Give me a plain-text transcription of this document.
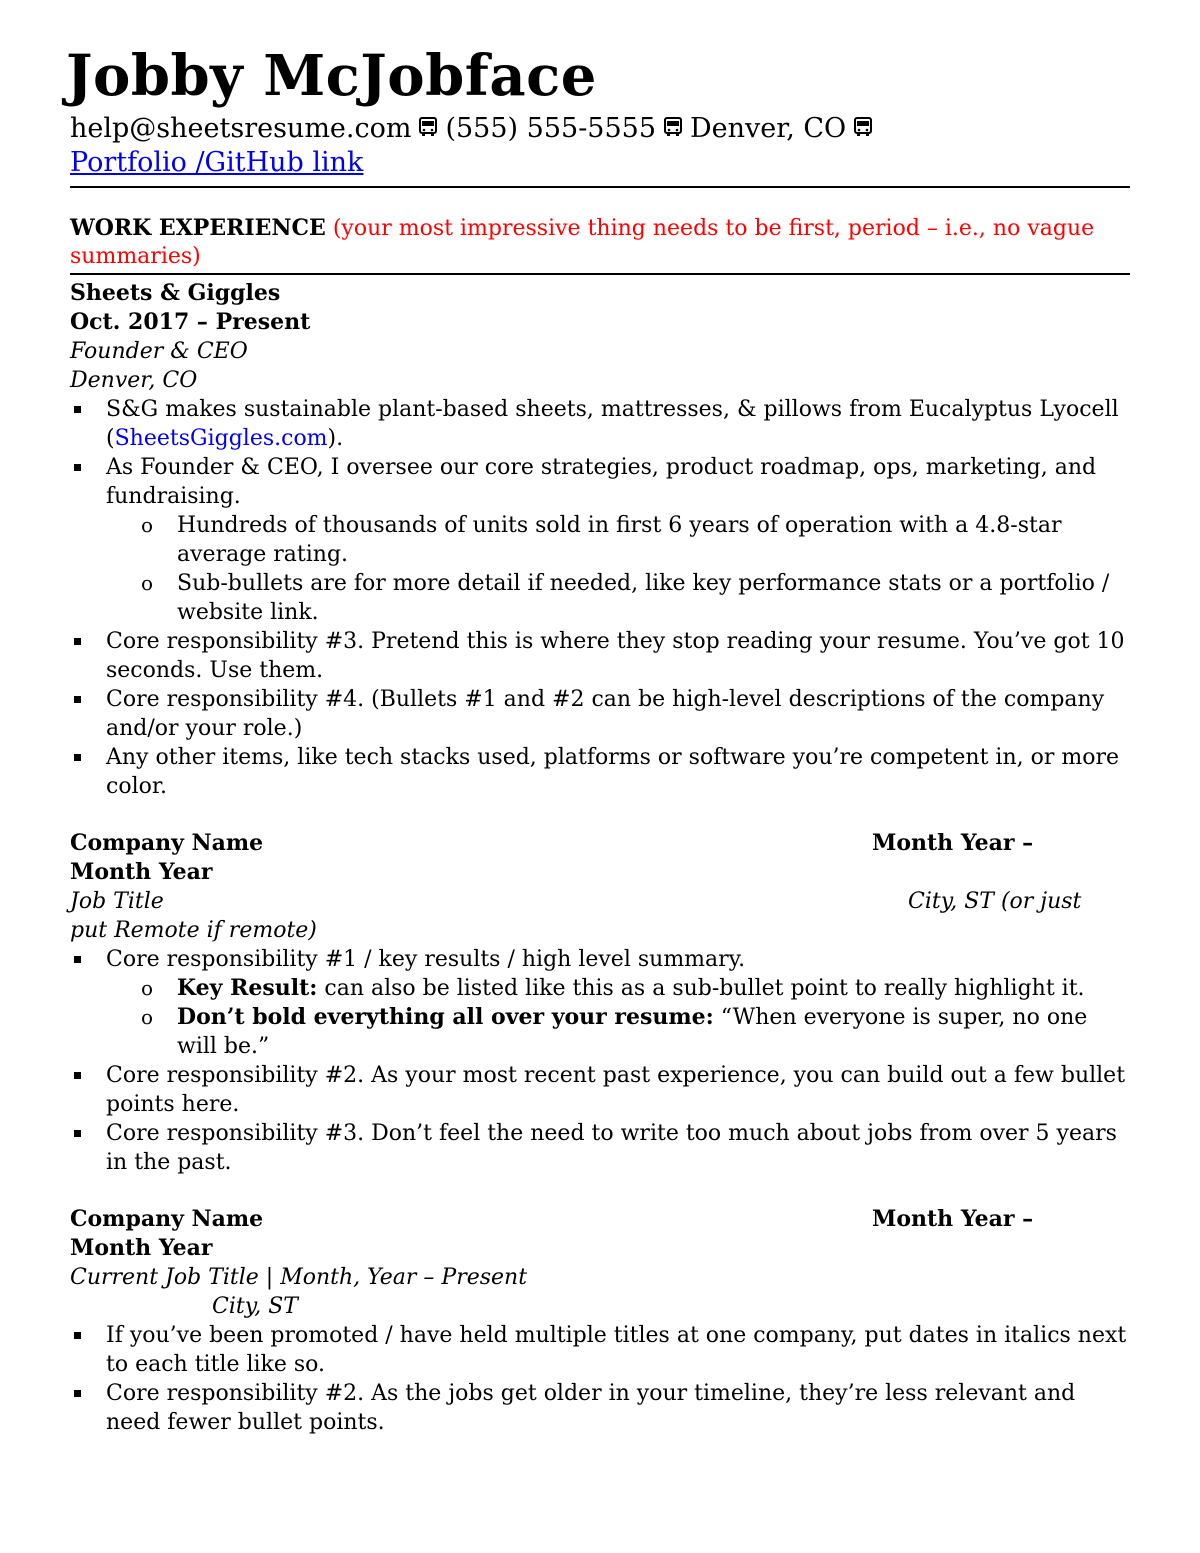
Jobby McJobface
help@sheetsresume.com (555) 555-5555 Denver, CO
Portfolio /GitHub link
WORK EXPERIENCE (your most impressive thing needs to be first, period – i.e., no vague summaries)
Sheets & Giggles
Oct. 2017 – Present
Founder & CEO
Denver, CO
S&G makes sustainable plant-based sheets, mattresses, & pillows from Eucalyptus Lyocell (SheetsGiggles.com).
As Founder & CEO, I oversee our core strategies, product roadmap, ops, marketing, and fundraising.
o Hundreds of thousands of units sold in first 6 years of operation with a 4.8-star average rating.
o Sub-bullets are for more detail if needed, like key performance stats or a portfolio / website link.
Core responsibility #3. Pretend this is where they stop reading your resume. You’ve got 10 seconds. Use them.
Core responsibility #4. (Bullets #1 and #2 can be high-level descriptions of the company and/or your role.)
Any other items, like tech stacks used, platforms or software you’re competent in, or more color.
Company Name	Month Year –
Month Year
Job Title	City, ST (or just
put Remote if remote)
Core responsibility #1 / key results / high level summary.
o Key Result: can also be listed like this as a sub-bullet point to really highlight it.
o Don’t bold everything all over your resume: “When everyone is super, no one will be.”
Core responsibility #2. As your most recent past experience, you can build out a few bullet points here.
Core responsibility #3. Don’t feel the need to write too much about jobs from over 5 years in the past.
Company Name	Month Year –
Month Year
Current Job Title | Month, Year – Present
City, ST
If you’ve been promoted / have held multiple titles at one company, put dates in italics next to each title like so.
Core responsibility #2. As the jobs get older in your timeline, they’re less relevant and need fewer bullet points.
